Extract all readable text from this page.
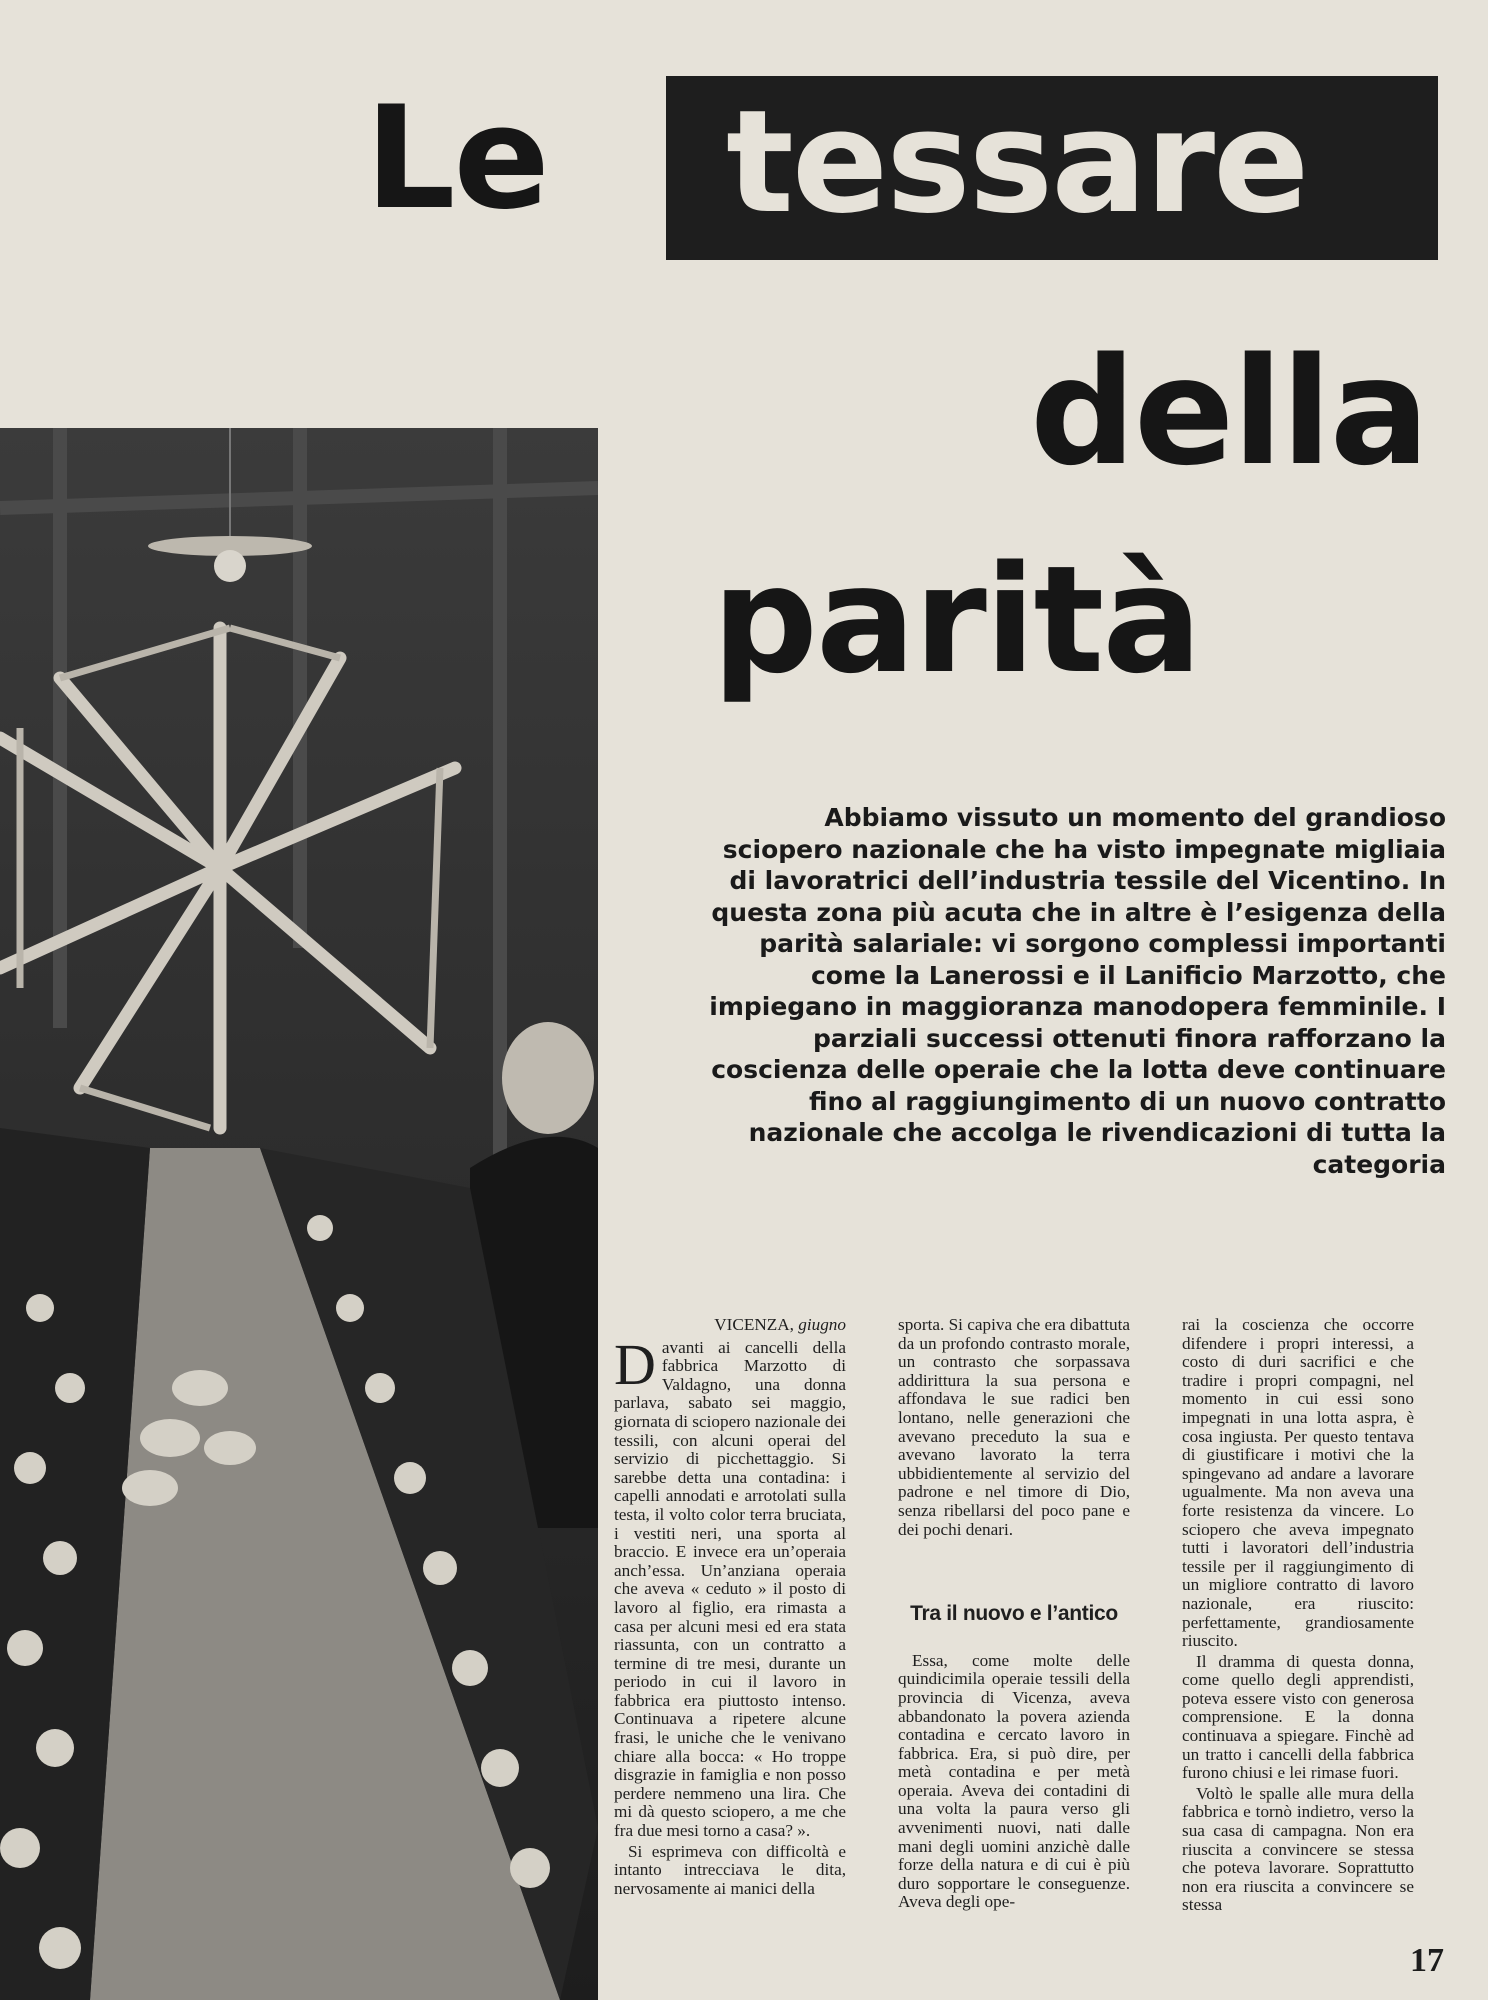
Le tessare
della
parità

Abbiamo vissuto un momento del grandioso sciopero nazionale che ha visto impegnate migliaia di lavoratrici dell’industria tessile del Vicentino. In questa zona più acuta che in altre è l’esigenza della parità salariale: vi sorgono complessi importanti come la Lanerossi e il Lanificio Marzotto, che impiegano in maggioranza manodopera femminile. I parziali successi ottenuti finora rafforzano la coscienza delle operaie che la lotta deve continuare fino al raggiungimento di un nuovo contratto nazionale che accolga le rivendicazioni di tutta la categoria

VICENZA, giugno

Davanti ai cancelli della fabbrica Marzotto di Valdagno, una donna parlava, sabato sei maggio, giornata di sciopero nazionale dei tessili, con alcuni operai del servizio di picchettaggio. Si sarebbe detta una contadina: i capelli annodati e arrotolati sulla testa, il volto color terra bruciata, i vestiti neri, una sporta al braccio. E invece era un’operaia anch’essa. Un’anziana operaia che aveva « ceduto » il posto di lavoro al figlio, era rimasta a casa per alcuni mesi ed era stata riassunta, con un contratto a termine di tre mesi, durante un periodo in cui il lavoro in fabbrica era piuttosto intenso. Continuava a ripetere alcune frasi, le uniche che le venivano chiare alla bocca: « Ho troppe disgrazie in famiglia e non posso perdere nemmeno una lira. Che mi dà questo sciopero, a me che fra due mesi torno a casa? ».

Si esprimeva con difficoltà e intanto intrecciava le dita, nervosamente ai manici della

sporta. Si capiva che era dibattuta da un profondo contrasto morale, un contrasto che sorpassava addirittura la sua persona e affondava le sue radici ben lontano, nelle generazioni che avevano preceduto la sua e avevano lavorato la terra ubbidientemente al servizio del padrone e nel timore di Dio, senza ribellarsi del poco pane e dei pochi denari.

Tra il nuovo e l’antico

Essa, come molte delle quindicimila operaie tessili della provincia di Vicenza, aveva abbandonato la povera azienda contadina e cercato lavoro in fabbrica. Era, si può dire, per metà contadina e per metà operaia. Aveva dei contadini di una volta la paura verso gli avvenimenti nuovi, nati dalle mani degli uomini anzichè dalle forze della natura e di cui è più duro sopportare le conseguenze. Aveva degli ope-

rai la coscienza che occorre difendere i propri interessi, a costo di duri sacrifici e che tradire i propri compagni, nel momento in cui essi sono impegnati in una lotta aspra, è cosa ingiusta. Per questo tentava di giustificare i motivi che la spingevano ad andare a lavorare ugualmente. Ma non aveva una forte resistenza da vincere. Lo sciopero che aveva impegnato tutti i lavoratori dell’industria tessile per il raggiungimento di un migliore contratto di lavoro nazionale, era riuscito: perfettamente, grandiosamente riuscito.

Il dramma di questa donna, come quello degli apprendisti, poteva essere visto con generosa comprensione. E la donna continuava a spiegare. Finchè ad un tratto i cancelli della fabbrica furono chiusi e lei rimase fuori.

Voltò le spalle alle mura della fabbrica e tornò indietro, verso la sua casa di campagna. Non era riuscita a convincere se stessa che poteva lavorare. Soprattutto non era riuscita a convincere se stessa

17
